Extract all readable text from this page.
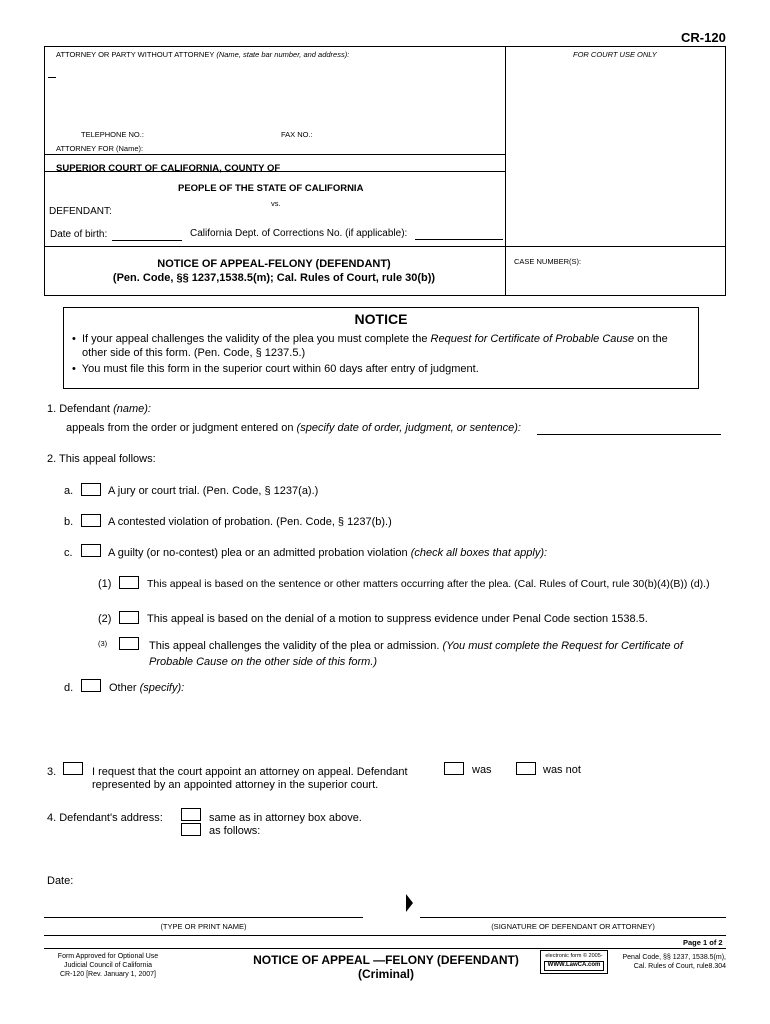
CR-120
ATTORNEY OR PARTY WITHOUT ATTORNEY (Name, state bar number, and address):	FOR COURT USE ONLY
TELEPHONE NO.:	FAX NO.:
ATTORNEY FOR (Name):
SUPERIOR COURT OF CALIFORNIA, COUNTY OF
PEOPLE OF THE STATE OF CALIFORNIA
vs.
DEFENDANT:
Date of birth:	California Dept. of Corrections No. (if applicable):
NOTICE OF APPEAL-FELONY (DEFENDANT)
(Pen. Code, §§ 1237,1538.5(m); Cal. Rules of Court, rule 30(b))
CASE NUMBER(S):
NOTICE
•  If your appeal challenges the validity of the plea you must complete the Request for Certificate of Probable Cause on the
other side of this form. (Pen. Code, § 1237.5.)
•  You must file this form in the superior court within 60 days after entry of judgment.
1. Defendant (name):
appeals from the order or judgment entered on (specify date of order, judgment, or sentence):
2. This appeal follows:
a.	A jury or court trial. (Pen. Code, § 1237(a).)
b.	A contested violation of probation. (Pen. Code, § 1237(b).)
c.	A guilty (or no-contest) plea or an admitted probation violation (check all boxes that apply):
(1)	This appeal is based on the sentence or other matters occurring after the plea. (Cal. Rules of Court, rule 30(b)(4)(B)) (d).)
(2)	This appeal is based on the denial of a motion to suppress evidence under Penal Code section 1538.5.
(3)	This appeal challenges the validity of the plea or admission. (You must complete the Request for Certificate of
Probable Cause on the other side of this form.)
d.	Other (specify):
3.	I request that the court appoint an attorney on appeal. Defendant	was	was not
represented by an appointed attorney in the superior court.
4. Defendant's address:	same as in attorney box above.
as follows:
Date:
(TYPE OR PRINT NAME)	(SIGNATURE OF DEFENDANT OR ATTORNEY)
Page 1 of 2
Form Approved for Optional Use
Judicial Council of California
CR-120 [Rev. January 1, 2007]
NOTICE OF APPEAL —FELONY (DEFENDANT)
(Criminal)
electronic form © 2005-
WWW.LawCA.com
Penal Code, §§ 1237, 1538.5(m),
Cal. Rules of Court, rule8.304
